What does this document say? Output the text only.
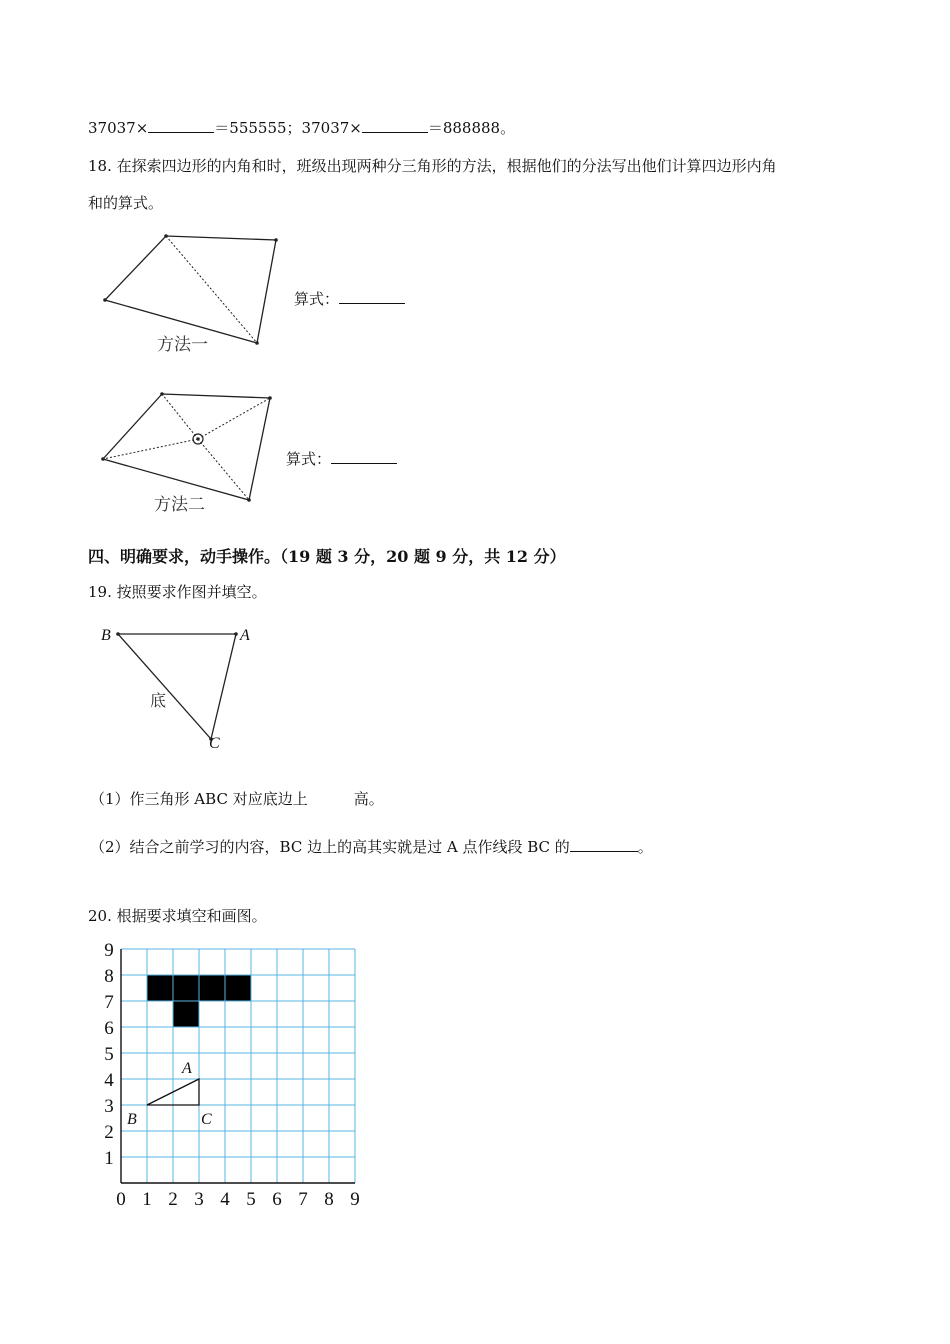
37037×	＝555555；37037×	＝888888。
18. 在探索四边形的内角和时，班级出现两种分三角形的方法，根据他们的分法写出他们计算四边形内角
和的算式。
算式：
算式：
四、明确要求，动手操作。（19 题 3 分，20 题 9 分，共 12 分）
19. 按照要求作图并填空。
（1）作三角形 ABC 对应底边上	高。
（2）结合之前学习的内容，BC 边上的高其实就是过 A 点作线段 BC 的	。
20. 根据要求填空和画图。
方法一
方法二
B	A
C
底
A
B	C
0 1 2 3 4 5 6 7 8 9
1
2
3
4
5
6
7
8
9
